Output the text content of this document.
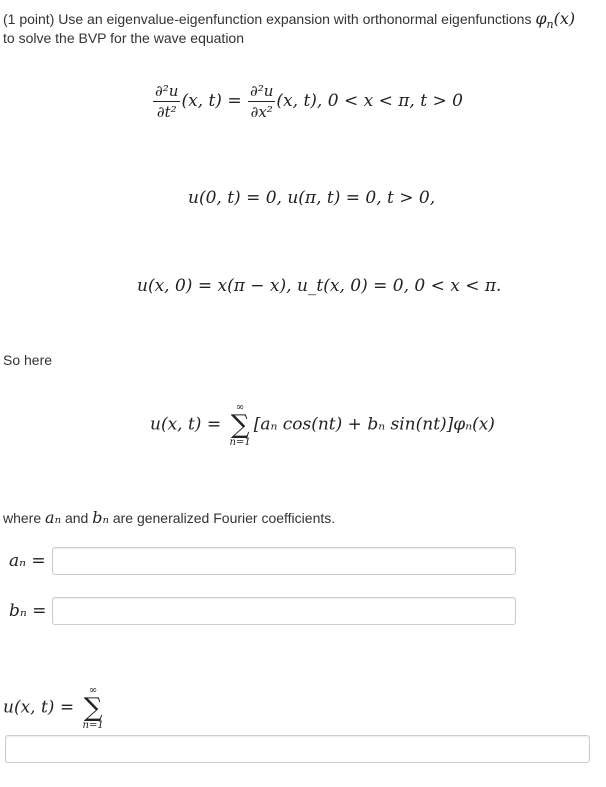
(1 point) Use an eigenvalue-eigenfunction expansion with orthonormal eigenfunctions $\varphi_n(x)$
to solve the BVP for the wave equation
$\frac{\text{∂²u}}{\text{∂t²}} (x$, $t) = \frac{\text{∂²u}}{\text{∂x²}} (x$, t), 0 < x < π, t > 0
u(0, t) = 0, u(π, t) = 0, t > 0,
u(x, 0) = x(π − x), u_t(x, 0) = 0, 0 < x < π.
So here
u(x, t) =
∞
∑
n=1
[aₙ cos(nt) + bₙ sin(nt)]φₙ(x)
where aₙ and bₙ are generalized Fourier coefficients.
aₙ =
bₙ =
u(x, t) =
∞
∑
n=1
